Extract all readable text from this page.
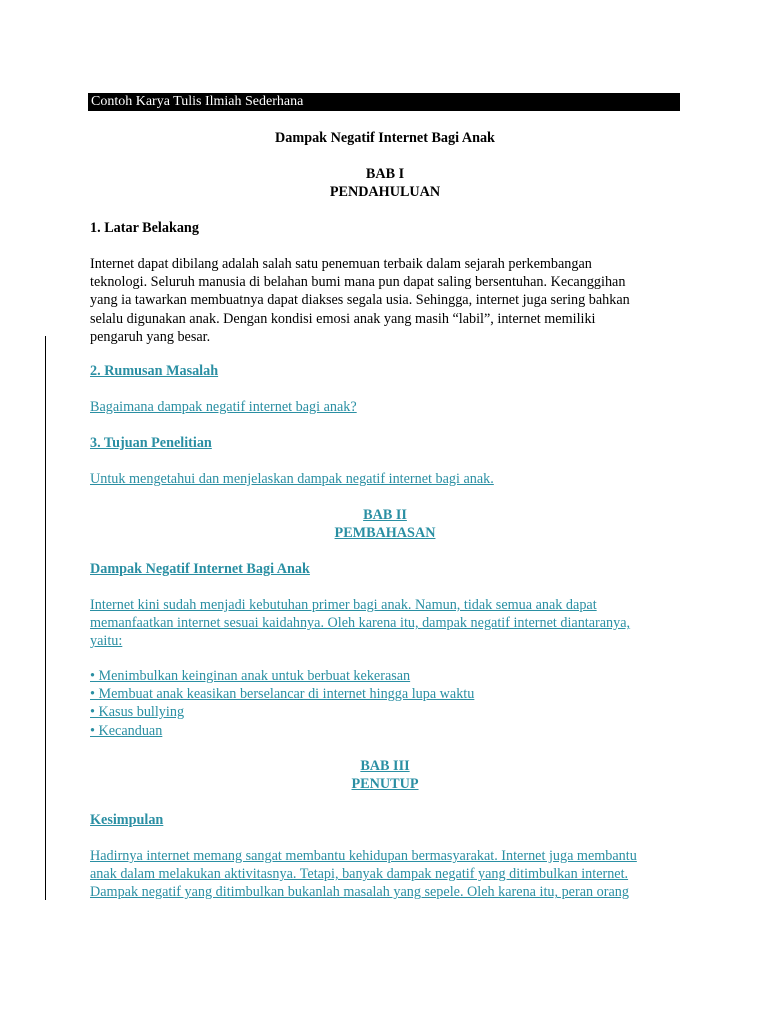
Contoh Karya Tulis Ilmiah Sederhana

Dampak Negatif Internet Bagi Anak

BAB I

PENDAHULUAN

1. Latar Belakang

Internet dapat dibilang adalah salah satu penemuan terbaik dalam sejarah perkembangan

teknologi. Seluruh manusia di belahan bumi mana pun dapat saling bersentuhan. Kecanggihan

yang ia tawarkan membuatnya dapat diakses segala usia. Sehingga, internet juga sering bahkan

selalu digunakan anak. Dengan kondisi emosi anak yang masih “labil”, internet memiliki

pengaruh yang besar.

2. Rumusan Masalah

Bagaimana dampak negatif internet bagi anak?

3. Tujuan Penelitian

Untuk mengetahui dan menjelaskan dampak negatif internet bagi anak.

BAB II

PEMBAHASAN

Dampak Negatif Internet Bagi Anak

Internet kini sudah menjadi kebutuhan primer bagi anak. Namun, tidak semua anak dapat

memanfaatkan internet sesuai kaidahnya. Oleh karena itu, dampak negatif internet diantaranya,

yaitu:

• Menimbulkan keinginan anak untuk berbuat kekerasan

• Membuat anak keasikan berselancar di internet hingga lupa waktu

• Kasus bullying

• Kecanduan

BAB III

PENUTUP

Kesimpulan

Hadirnya internet memang sangat membantu kehidupan bermasyarakat. Internet juga membantu

anak dalam melakukan aktivitasnya. Tetapi, banyak dampak negatif yang ditimbulkan internet.

Dampak negatif yang ditimbulkan bukanlah masalah yang sepele. Oleh karena itu, peran orang
